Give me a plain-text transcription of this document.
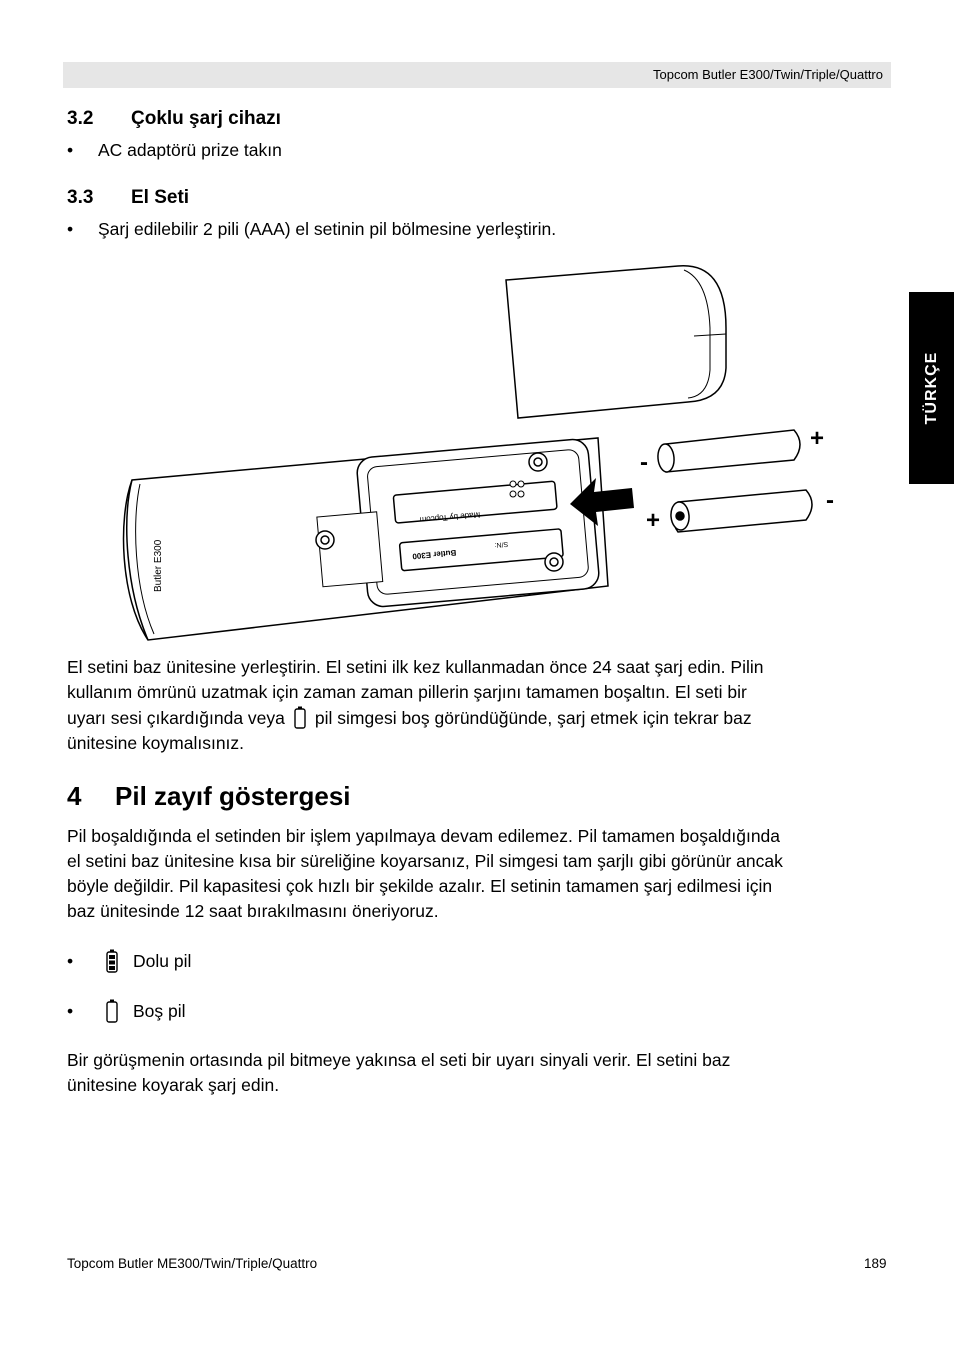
Topcom Butler E300/Twin/Triple/Quattro
TÜRKÇE
3.2 Çoklu şarj cihazı
• AC adaptörü prize takın
3.3 El Seti
• Şarj edilebilir 2 pili (AAA) el setinin pil bölmesine yerleştirin.
+
-
+
-
Butler E300	Butler E300
Made by Topcom
S/N:
El setini baz ünitesine yerleştirin. El setini ilk kez kullanmadan önce 24 saat şarj edin. Pilin
kullanım ömrünü uzatmak için zaman zaman pillerin şarjını tamamen boşaltın. El seti bir
uyarı sesi çıkardığında veya pil simgesi boş göründüğünde, şarj etmek için tekrar baz
ünitesine koymalısınız.
4 Pil zayıf göstergesi
Pil boşaldığında el setinden bir işlem yapılmaya devam edilemez. Pil tamamen boşaldığında
el setini baz ünitesine kısa bir süreliğine koyarsanız, Pil simgesi tam şarjlı gibi görünür ancak
böyle değildir. Pil kapasitesi çok hızlı bir şekilde azalır. El setinin tamamen şarj edilmesi için
baz ünitesinde 12 saat bırakılmasını öneriyoruz.
•	Dolu pil
•	Boş pil
Bir görüşmenin ortasında pil bitmeye yakınsa el seti bir uyarı sinyali verir. El setini baz
ünitesine koyarak şarj edin.
Topcom Butler ME300/Twin/Triple/Quattro	189
